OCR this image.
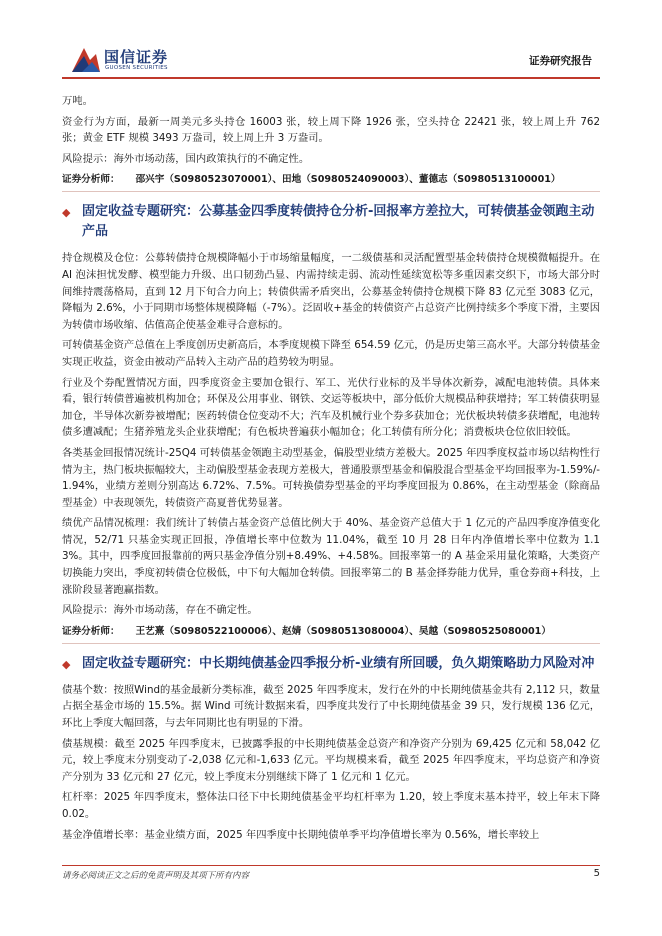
国信证券
GUOSEN SECURITIES
证券研究报告

万吨。

资金行为方面，最新一周美元多头持仓 16003 张，较上周下降 1926 张，空头持仓 22421 张，较上周上升 762 张；黄金 ETF 规模 3493 万盎司，较上周上升 3 万盎司。

风险提示：海外市场动荡，国内政策执行的不确定性。

证券分析师： 邵兴宇（S0980523070001）、田地（S0980524090003）、董德志（S0980513100001）
◆ 固定收益专题研究：公募基金四季度转债持仓分析-回报率方差拉大，可转债基金领跑主动产品

持仓规模及仓位：公募转债持仓规模降幅小于市场缩量幅度，一二级债基和灵活配置型基金转债持仓规模微幅提升。在 AI 泡沫担忧发酵、模型能力升级、出口韧劲凸显、内需持续走弱、流动性延续宽松等多重因素交织下，市场大部分时间维持震荡格局，直到 12 月下旬合力向上；转债供需矛盾突出，公募基金转债持仓规模下降 83 亿元至 3083 亿元，降幅为 2.6%，小于同期市场整体规模降幅（-7%）。泛固收+基金的转债资产占总资产比例持续多个季度下滑，主要因为转债市场收缩、估值高企使基金难寻合意标的。

可转债基金资产总值在上季度创历史新高后，本季度规模下降至 654.59 亿元，仍是历史第三高水平。大部分转债基金实现正收益，资金由被动产品转入主动产品的趋势较为明显。

行业及个券配置情况方面，四季度资金主要加仓银行、军工、光伏行业标的及半导体次新券，减配电池转债。具体来看，银行转债普遍被机构加仓；环保及公用事业、钢铁、交运等板块中，部分低价大规模品种获增持；军工转债获明显加仓，半导体次新券被增配；医药转债仓位变动不大；汽车及机械行业个券多获加仓；光伏板块转债多获增配，电池转债多遭减配；生猪养殖龙头企业获增配；有色板块普遍获小幅加仓；化工转债有所分化；消费板块仓位依旧较低。

各类基金回报情况统计-25Q4 可转债基金领跑主动型基金，偏股型业绩方差极大。2025 年四季度权益市场以结构性行情为主，热门板块振幅较大，主动偏股型基金表现方差极大，普通股票型基金和偏股混合型基金平均回报率为-1.59%/-1.94%，业绩方差则分别高达 6.72%、7.5%。可转换债券型基金的平均季度回报为 0.86%，在主动型基金（除商品型基金）中表现领先，转债资产高夏普优势显著。

绩优产品情况梳理：我们统计了转债占基金资产总值比例大于 40%、基金资产总值大于 1 亿元的产品四季度净值变化情况，52/71 只基金实现正回报，净值增长率中位数为 11.04%，截至 10 月 28 日年内净值增长率中位数为 1.13%。其中，四季度回报靠前的两只基金净值分别+8.49%、+4.58%。回报率第一的 A 基金采用量化策略，大类资产切换能力突出，季度初转债仓位极低，中下旬大幅加仓转债。回报率第二的 B 基金择券能力优异，重仓券商+科技，上涨阶段显著跑赢指数。

风险提示：海外市场动荡，存在不确定性。

证券分析师： 王艺熹（S0980522100006）、赵婧（S0980513080004）、吴越（S0980525080001）
◆ 固定收益专题研究：中长期纯债基金四季报分析-业绩有所回暖，负久期策略助力风险对冲

债基个数：按照Wind的基金最新分类标准，截至 2025 年四季度末，发行在外的中长期纯债基金共有 2,112 只，数量占据全基金市场的 15.5%。据 Wind 可统计数据来看，四季度共发行了中长期纯债基金 39 只，发行规模 136 亿元，环比上季度大幅回落，与去年同期比也有明显的下滑。

债基规模：截至 2025 年四季度末，已披露季报的中长期纯债基金总资产和净资产分别为 69,425 亿元和 58,042 亿元，较上季度末分别变动了-2,038 亿元和-1,633 亿元。平均规模来看，截至 2025 年四季度末，平均总资产和净资产分别为 33 亿元和 27 亿元，较上季度末分别继续下降了 1 亿元和 1 亿元。

杠杆率：2025 年四季度末，整体法口径下中长期纯债基金平均杠杆率为 1.20，较上季度末基本持平，较上年末下降 0.02。

基金净值增长率：基金业绩方面，2025 年四季度中长期纯债单季平均净值增长率为 0.56%，增长率较上

请务必阅读正文之后的免责声明及其项下所有内容	5
